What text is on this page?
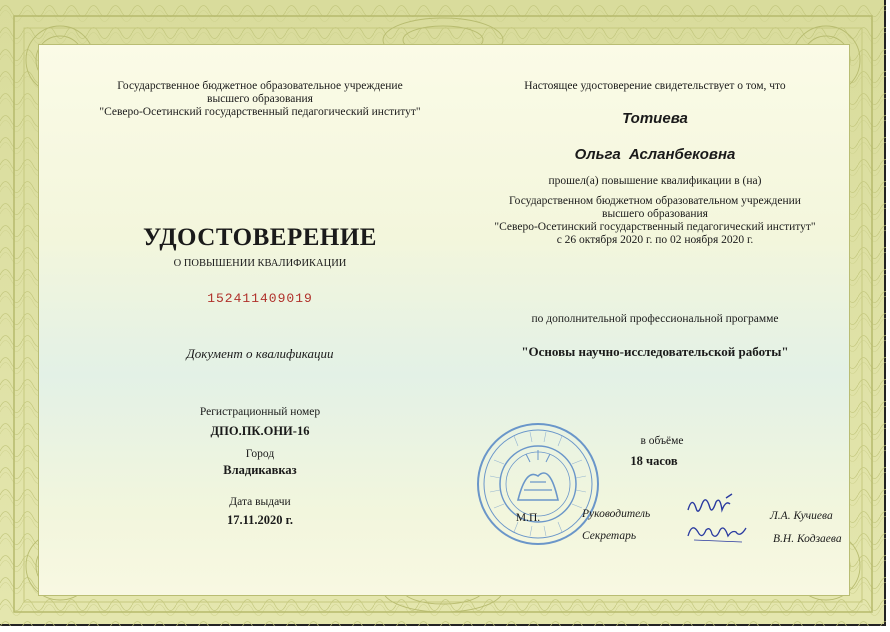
Государственное бюджетное образовательное учреждение
высшего образования
"Северо-Осетинский государственный педагогический институт"
УДОСТОВЕРЕНИЕ
О ПОВЫШЕНИИ КВАЛИФИКАЦИИ
152411409019
Документ о квалификации
Регистрационный номер
ДПО.ПК.ОНИ-16
Город
Владикавказ
Дата выдачи
17.11.2020 г.
Настоящее удостоверение свидетельствует о том, что
Тотиева
Ольга  Асланбековна
прошел(а) повышение квалификации в (на)
Государственном бюджетном образовательном учреждении
высшего образования
"Северо-Осетинский государственный педагогический институт"
с 26 октября 2020 г. по 02 ноября 2020 г.
по дополнительной профессиональной программе
"Основы научно-исследовательской работы"
в объёме
18 часов
М.П.	Руководитель
Секретарь
Л.А. Кучиева
В.Н. Кодзаева
